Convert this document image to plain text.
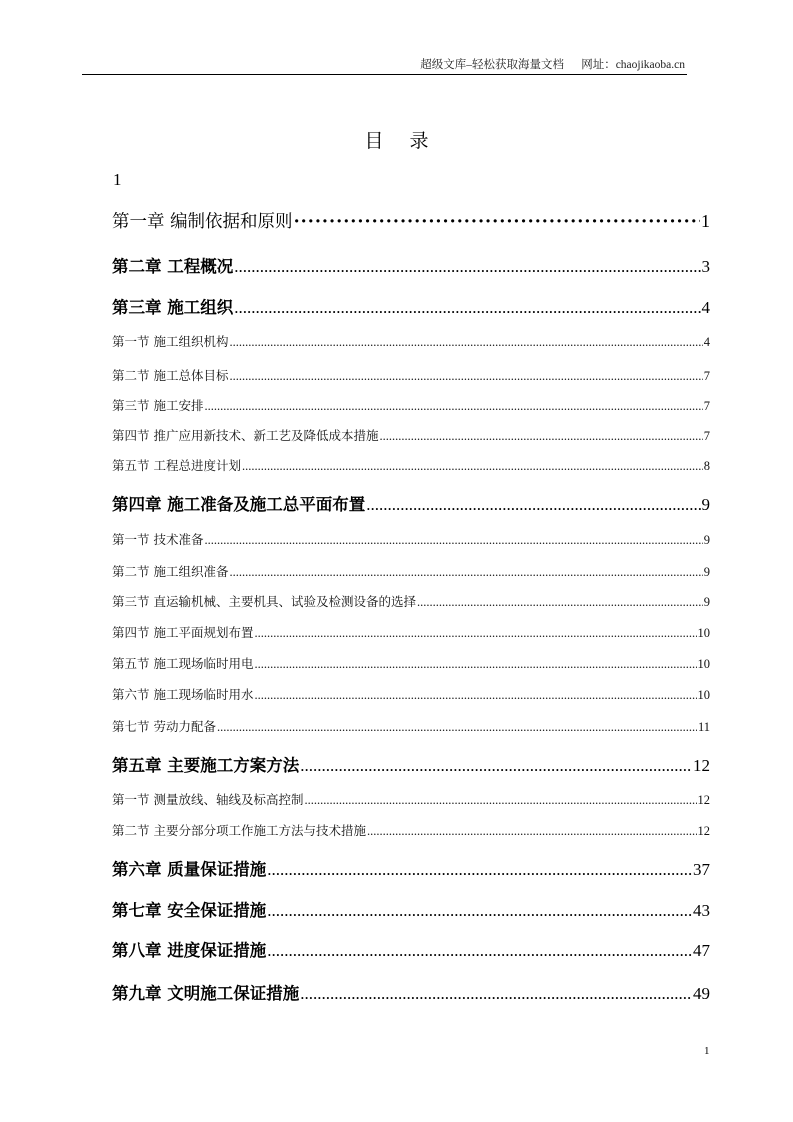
超级文库–轻松获取海量文档 网址：chaojikaoba.cn
目录
1
第一章 编制依据和原则 ·····	1
第二章 工程概况 .....	3
第三章 施工组织 .....	4
第一节 施工组织机构 .....	4
第二节 施工总体目标 .....	7
第三节 施工安排 .....	7
第四节 推广应用新技术、新工艺及降低成本措施 .....	7
第五节 工程总进度计划 .....	8
第四章 施工准备及施工总平面布置 .....	9
第一节 技术准备 .....	9
第二节 施工组织准备 .....	9
第三节 直运输机械、主要机具、试验及检测设备的选择 .....	9
第四节 施工平面规划布置 .....	10
第五节 施工现场临时用电 .....	10
第六节 施工现场临时用水 .....	10
第七节 劳动力配备 .....	11
第五章 主要施工方案方法 .....	12
第一节 测量放线、轴线及标高控制 .....	12
第二节 主要分部分项工作施工方法与技术措施 .....	12
第六章 质量保证措施 .....	37
第七章 安全保证措施 .....	43
第八章 进度保证措施 .....	47
第九章 文明施工保证措施 .....	49
1
